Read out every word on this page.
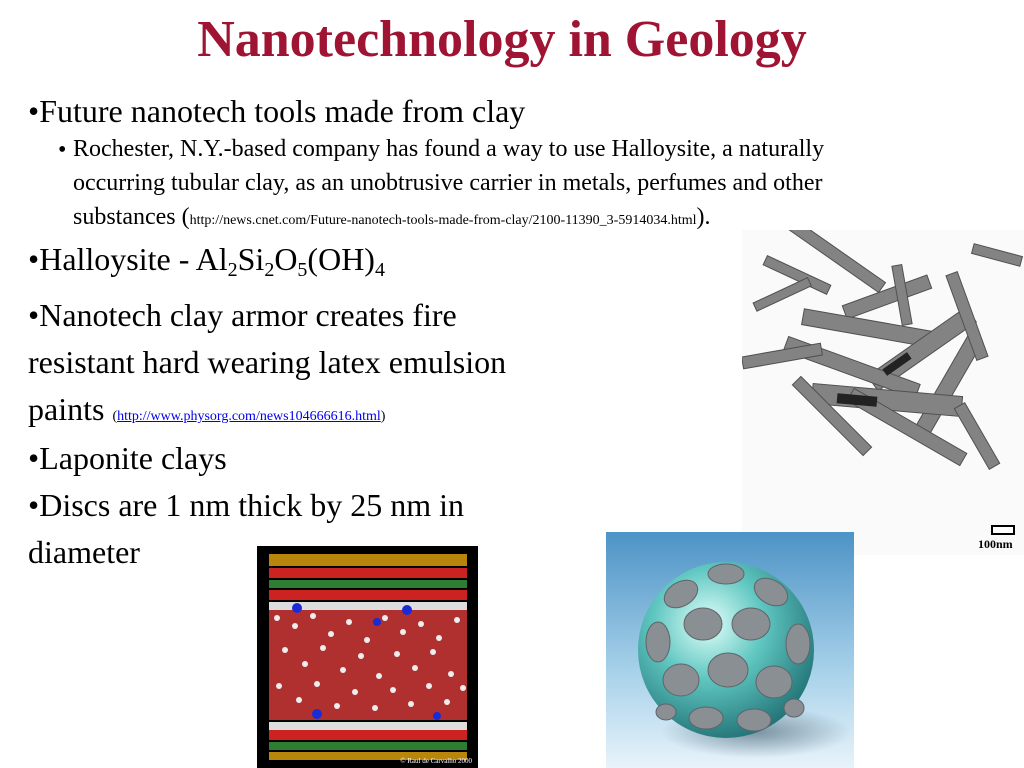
Nanotechnology in Geology
•Future nanotech tools made from clay
• Rochester, N.Y.-based company has found a way to use Halloysite, a naturally
occurring tubular clay, as an unobtrusive carrier in metals, perfumes and other
substances (http://news.cnet.com/Future-nanotech-tools-made-from-clay/2100-11390_3-5914034.html).
•Halloysite - Al2Si2O5(OH)4
•Nanotech clay armor creates fire
resistant hard wearing latex emulsion
paints (http://www.physorg.com/news104666616.html)
•Laponite clays
•Discs are 1 nm thick by 25 nm in
diameter	100nm
© Raul de Carvalho 2000
